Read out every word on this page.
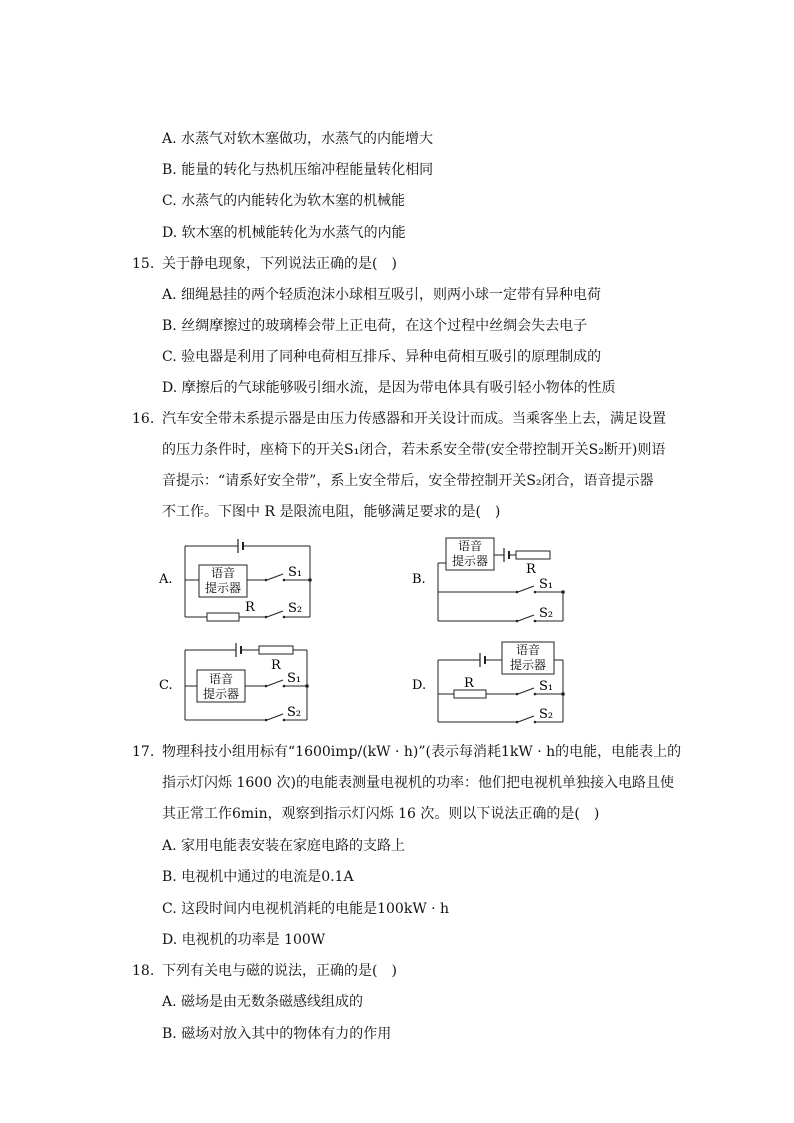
A. 水蒸气对软木塞做功，水蒸气的内能增大
B. 能量的转化与热机压缩冲程能量转化相同
C. 水蒸气的内能转化为软木塞的机械能
D. 软木塞的机械能转化为水蒸气的内能
15. 关于静电现象，下列说法正确的是(　)
A. 细绳悬挂的两个轻质泡沫小球相互吸引，则两小球一定带有异种电荷
B. 丝绸摩擦过的玻璃棒会带上正电荷，在这个过程中丝绸会失去电子
C. 验电器是利用了同种电荷相互排斥、异种电荷相互吸引的原理制成的
D. 摩擦后的气球能够吸引细水流，是因为带电体具有吸引轻小物体的性质
16. 汽车安全带未系提示器是由压力传感器和开关设计而成。当乘客坐上去，满足设置
的压力条件时，座椅下的开关S₁闭合，若未系安全带(安全带控制开关S₂断开)则语
音提示：“请系好安全带”，系上安全带后，安全带控制开关S₂闭合，语音提示器
不工作。下图中 R 是限流电阻，能够满足要求的是(　)
A.	语音
提示器
R
S₁
S₂
B.
语音
提示器
R
S₁
S₂
C.	语音
提示器
R
S₁
S₂
D.
语音
提示器
R	S₁
S₂
17. 物理科技小组用标有“1600imp/(kW · h)”(表示每消耗1kW · h的电能，电能表上的
指示灯闪烁 1600 次)的电能表测量电视机的功率：他们把电视机单独接入电路且使
其正常工作6min，观察到指示灯闪烁 16 次。则以下说法正确的是(　)
A. 家用电能表安装在家庭电路的支路上
B. 电视机中通过的电流是0.1A
C. 这段时间内电视机消耗的电能是100kW · h
D. 电视机的功率是 100W
18. 下列有关电与磁的说法，正确的是(　)
A. 磁场是由无数条磁感线组成的
B. 磁场对放入其中的物体有力的作用
